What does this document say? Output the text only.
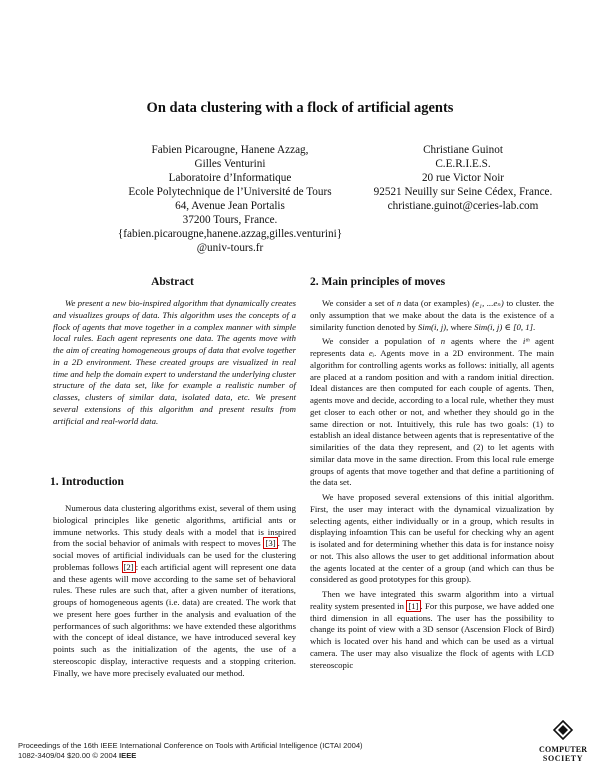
On data clustering with a flock of artificial agents
Fabien Picarougne, Hanene Azzag,
Gilles Venturini
Laboratoire d’Informatique
Ecole Polytechnique de l’Université de Tours
64, Avenue Jean Portalis
37200 Tours, France.
{fabien.picarougne,hanene.azzag,gilles.venturini}
@univ-tours.fr
Christiane Guinot
C.E.R.I.E.S.
20 rue Victor Noir
92521 Neuilly sur Seine Cédex, France.
christiane.guinot@ceries-lab.com
Abstract

We present a new bio-inspired algorithm that dynamically creates and visualizes groups of data. This algorithm uses the concepts of a flock of agents that move together in a complex manner with simple local rules. Each agent represents one data. The agents move with the aim of creating homogeneous groups of data that evolve together in a 2D environment. These created groups are visualized in real time and help the domain expert to understand the underlying cluster structure of the data set, like for example a realistic number of classes, clusters of similar data, isolated data, etc. We present several extensions of this algorithm and present results from artificial and real-world data.

1. Introduction

Numerous data clustering algorithms exist, several of them using biological principles like genetic algorithms, artificial ants or immune networks. This study deals with a model that is inspired from the social behavior of animals with respect to moves [3] . The social moves of artificial individuals can be used for the clustering problemas follows [2] : each artificial agent will represent one data and these agents will move according to the same set of behavioral rules. These rules are such that, after a given number of iterations, groups of homogeneous agents (i.e. data) are created. The work that we present here goes further in the analysis and evaluation of the performances of such algorithms: we have extended these algorithms with the concept of ideal distance, we have introduced several key points such as the initialization of the agents, the use of a stereoscopic display, interactive requests and a stopping criterion. Finally, we have more precisely evaluated our method.

2. Main principles of moves

We consider a set of n data (or examples) (e₁, ...eₙ) to cluster. the only assumption that we make about the data is the existence of a similarity function denoted by Sim(i, j), where Sim(i, j) ∈ [0, 1].

We consider a population of n agents where the iᵗʰ agent represents data eᵢ. Agents move in a 2D environment. The main algorithm for controlling agents works as follows: initially, all agents are placed at a random position and with a random initial direction. Ideal distances are then computed for each couple of agents. Then, agents move and decide, according to a local rule, whether they must get closer to each other or not, and whether they should go in the same direction or not. Intuitively, this rule has two goals: (1) to establish an ideal distance between agents that is representative of the similarities of the data they represent, and (2) to let agents with similar data move in the same direction. From this local rule emerge groups of agents that move together and that define a partitioning of the data set.

We have proposed several extensions of this initial algorithm. First, the user may interact with the dynamical vizualization by selecting agents, either individually or in a group, which results in displaying infoamtion This can be useful for checking why an agent is isolated and for determining whether this data is for instance noisy or not. This also allows the user to get additional information about the agents located at the center of a group (and which can thus be considered as good prototypes for this group).

Then we have integrated this swarm algorithm into a virtual reality system presented in [1] . For this purpose, we have added one third dimension in all equations. The user has the possibility to change its point of view with a 3D sensor (Ascension Flock of Bird) which is located over his hand and which can be used as a virtual camera. The user may also visualize the flock of agents with LCD stereoscopic

Proceedings of the 16th IEEE International Conference on Tools with Artificial Intelligence (ICTAI 2004)
1082-3409/04 $20.00 © 2004 IEEE
COMPUTER
SOCIETY
